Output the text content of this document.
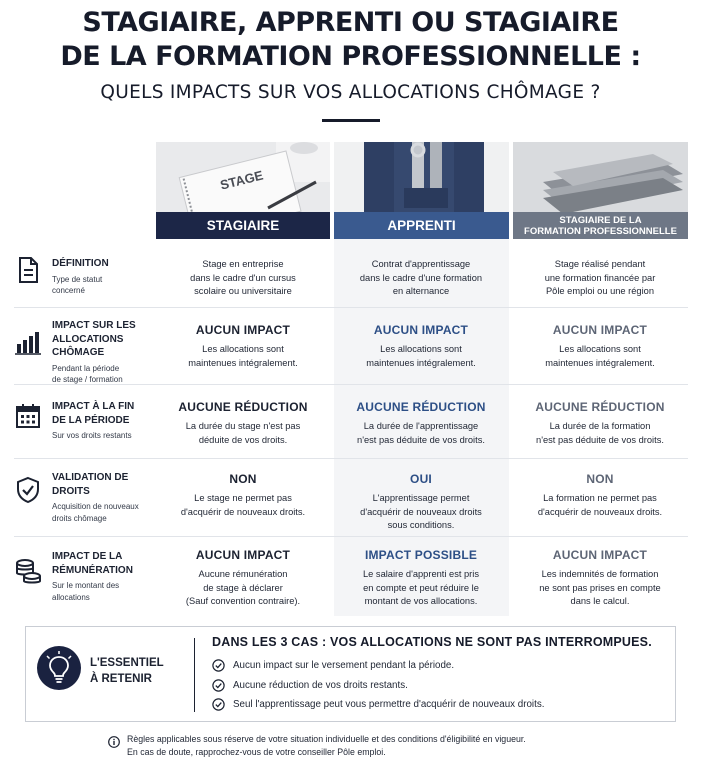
STAGIAIRE, APPRENTI OU STAGIAIRE
DE LA FORMATION PROFESSIONNELLE :
QUELS IMPACTS SUR VOS ALLOCATIONS CHÔMAGE ?
STAGE
STAGIAIRE	APPRENTI	STAGIAIRE DE LA
FORMATION PROFESSIONNELLE
DÉFINITION
Type de statut
concerné
Stage en entreprise
dans le cadre d'un cursus
scolaire ou universitaire
Contrat d'apprentissage
dans le cadre d'une formation
en alternance
Stage réalisé pendant
une formation financée par
Pôle emploi ou une région
IMPACT SUR LES
ALLOCATIONS CHÔMAGE
Pendant la période
de stage / formation
AUCUN IMPACT
Les allocations sont
maintenues intégralement.
AUCUN IMPACT
Les allocations sont
maintenues intégralement.
AUCUN IMPACT
Les allocations sont
maintenues intégralement.
IMPACT À LA FIN
DE LA PÉRIODE
Sur vos droits restants
AUCUNE RÉDUCTION
La durée du stage n'est pas
déduite de vos droits.
AUCUNE RÉDUCTION
La durée de l'apprentissage
n'est pas déduite de vos droits.
AUCUNE RÉDUCTION
La durée de la formation
n'est pas déduite de vos droits.
VALIDATION DE
DROITS
Acquisition de nouveaux
droits chômage
NON
Le stage ne permet pas
d'acquérir de nouveaux droits.
OUI
L'apprentissage permet
d'acquérir de nouveaux droits
sous conditions.
NON
La formation ne permet pas
d'acquérir de nouveaux droits.
IMPACT DE LA
RÉMUNÉRATION
Sur le montant des
allocations
AUCUN IMPACT
Aucune rémunération
de stage à déclarer
(Sauf convention contraire).
IMPACT POSSIBLE
Le salaire d'apprenti est pris
en compte et peut réduire le
montant de vos allocations.
AUCUN IMPACT
Les indemnités de formation
ne sont pas prises en compte
dans le calcul.
L'ESSENTIEL
À RETENIR
DANS LES 3 CAS : VOS ALLOCATIONS NE SONT PAS INTERROMPUES.
Aucun impact sur le versement pendant la période.
Aucune réduction de vos droits restants.
Seul l'apprentissage peut vous permettre d'acquérir de nouveaux droits.
Règles applicables sous réserve de votre situation individuelle et des conditions d'éligibilité en vigueur.
En cas de doute, rapprochez-vous de votre conseiller Pôle emploi.
